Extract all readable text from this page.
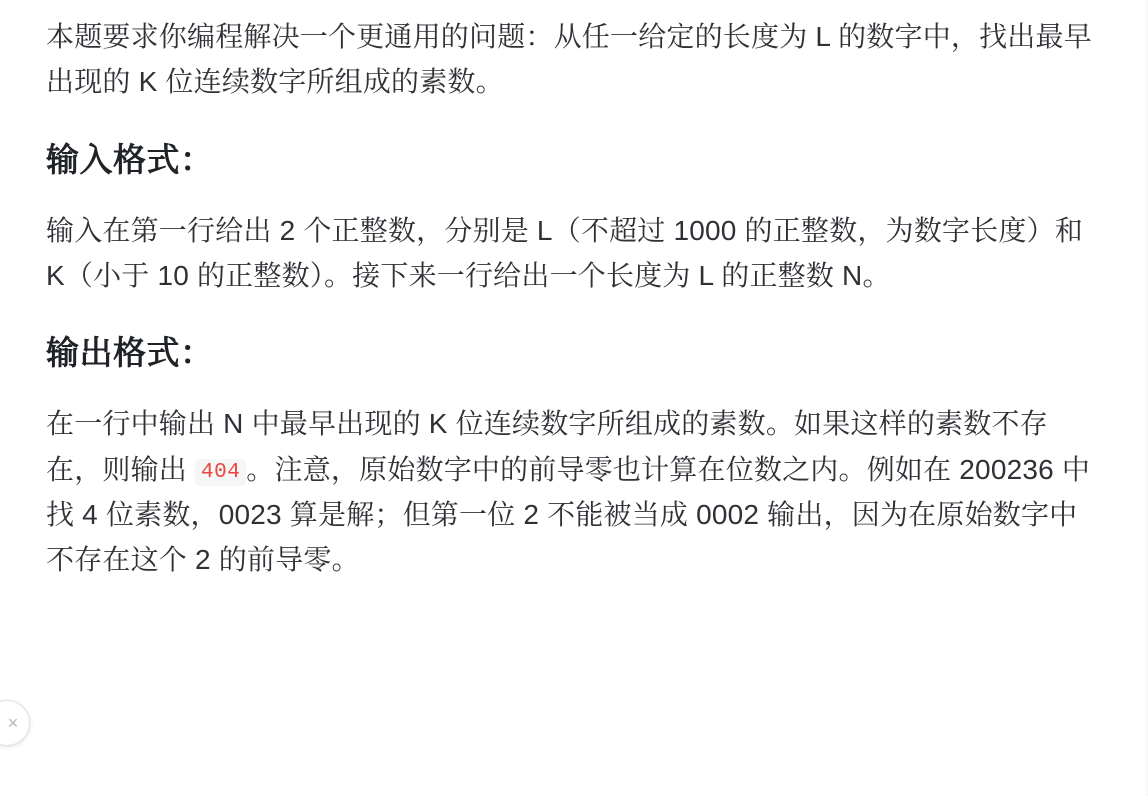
本题要求你编程解决一个更通用的问题：从任一给定的长度为 L 的数字中，找出最早出现的 K 位连续数字所组成的素数。

输入格式：

输入在第一行给出 2 个正整数，分别是 L（不超过 1000 的正整数，为数字长度）和 K（小于 10 的正整数）。接下来一行给出一个长度为 L 的正整数 N。

输出格式：

在一行中输出 N 中最早出现的 K 位连续数字所组成的素数。如果这样的素数不存在，则输出 404 。注意，原始数字中的前导零也计算在位数之内。例如在 200236 中找 4 位素数，0023 算是解；但第一位 2 不能被当成 0002 输出，因为在原始数字中不存在这个 2 的前导零。

×
